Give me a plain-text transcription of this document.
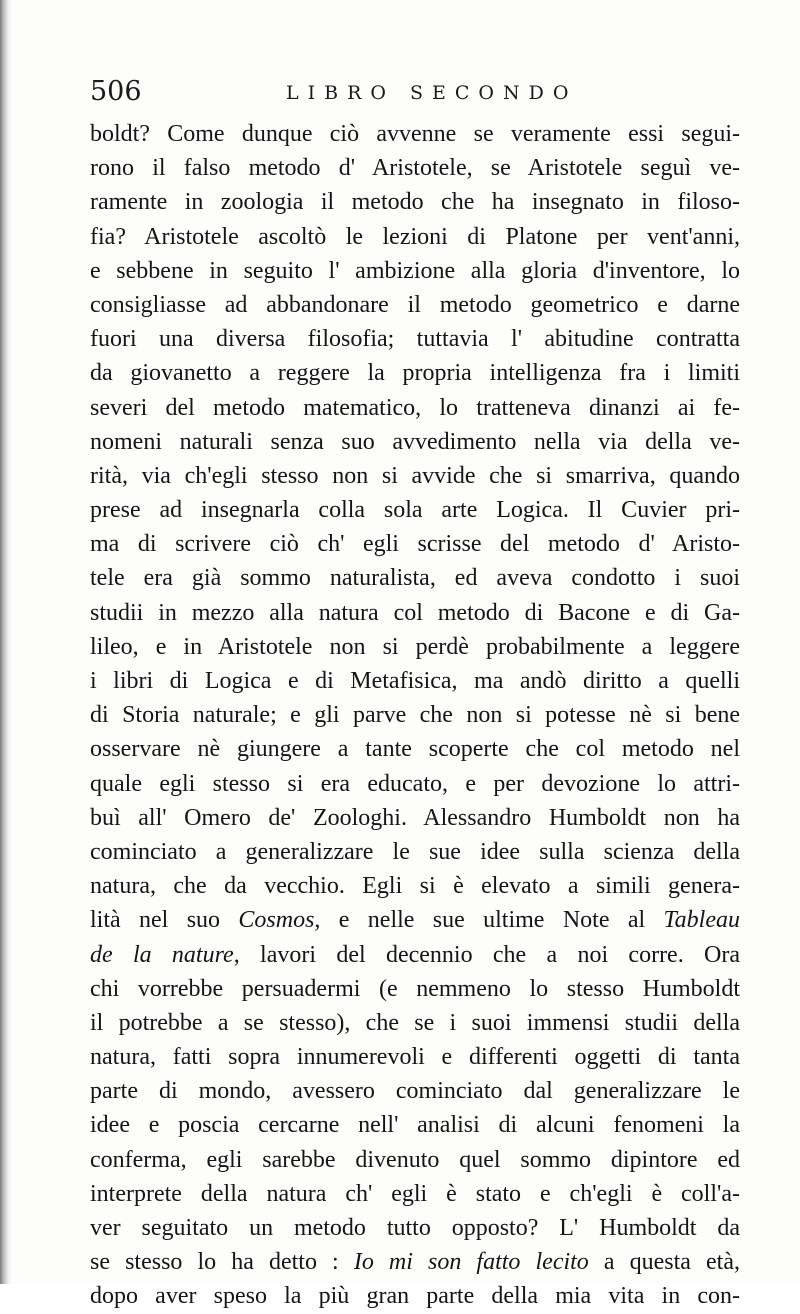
506	LIBRO SECONDO
boldt? Come dunque ciò avvenne se veramente essi segui-
rono il falso metodo d' Aristotele, se Aristotele seguì ve-
ramente in zoologia il metodo che ha insegnato in filoso-
fia? Aristotele ascoltò le lezioni di Platone per vent'anni,
e sebbene in seguito l' ambizione alla gloria d'inventore, lo
consigliasse ad abbandonare il metodo geometrico e darne
fuori una diversa filosofia; tuttavia l' abitudine contratta
da giovanetto a reggere la propria intelligenza fra i limiti
severi del metodo matematico, lo tratteneva dinanzi ai fe-
nomeni naturali senza suo avvedimento nella via della ve-
rità, via ch'egli stesso non si avvide che si smarriva, quando
prese ad insegnarla colla sola arte Logica. Il Cuvier pri-
ma di scrivere ciò ch' egli scrisse del metodo d' Aristo-
tele era già sommo naturalista, ed aveva condotto i suoi
studii in mezzo alla natura col metodo di Bacone e di Ga-
lileo, e in Aristotele non si perdè probabilmente a leggere
i libri di Logica e di Metafisica, ma andò diritto a quelli
di Storia naturale; e gli parve che non si potesse nè si bene
osservare nè giungere a tante scoperte che col metodo nel
quale egli stesso si era educato, e per devozione lo attri-
buì all' Omero de' Zoologhi. Alessandro Humboldt non ha
cominciato a generalizzare le sue idee sulla scienza della
natura, che da vecchio. Egli si è elevato a simili genera-
lità nel suo Cosmos, e nelle sue ultime Note al Tableau
de la nature, lavori del decennio che a noi corre. Ora
chi vorrebbe persuadermi (e nemmeno lo stesso Humboldt
il potrebbe a se stesso), che se i suoi immensi studii della
natura, fatti sopra innumerevoli e differenti oggetti di tanta
parte di mondo, avessero cominciato dal generalizzare le
idee e poscia cercarne nell' analisi di alcuni fenomeni la
conferma, egli sarebbe divenuto quel sommo dipintore ed
interprete della natura ch' egli è stato e ch'egli è coll'a-
ver seguitato un metodo tutto opposto? L' Humboldt da
se stesso lo ha detto : Io mi son fatto lecito a questa età,
dopo aver speso la più gran parte della mia vita in con-
